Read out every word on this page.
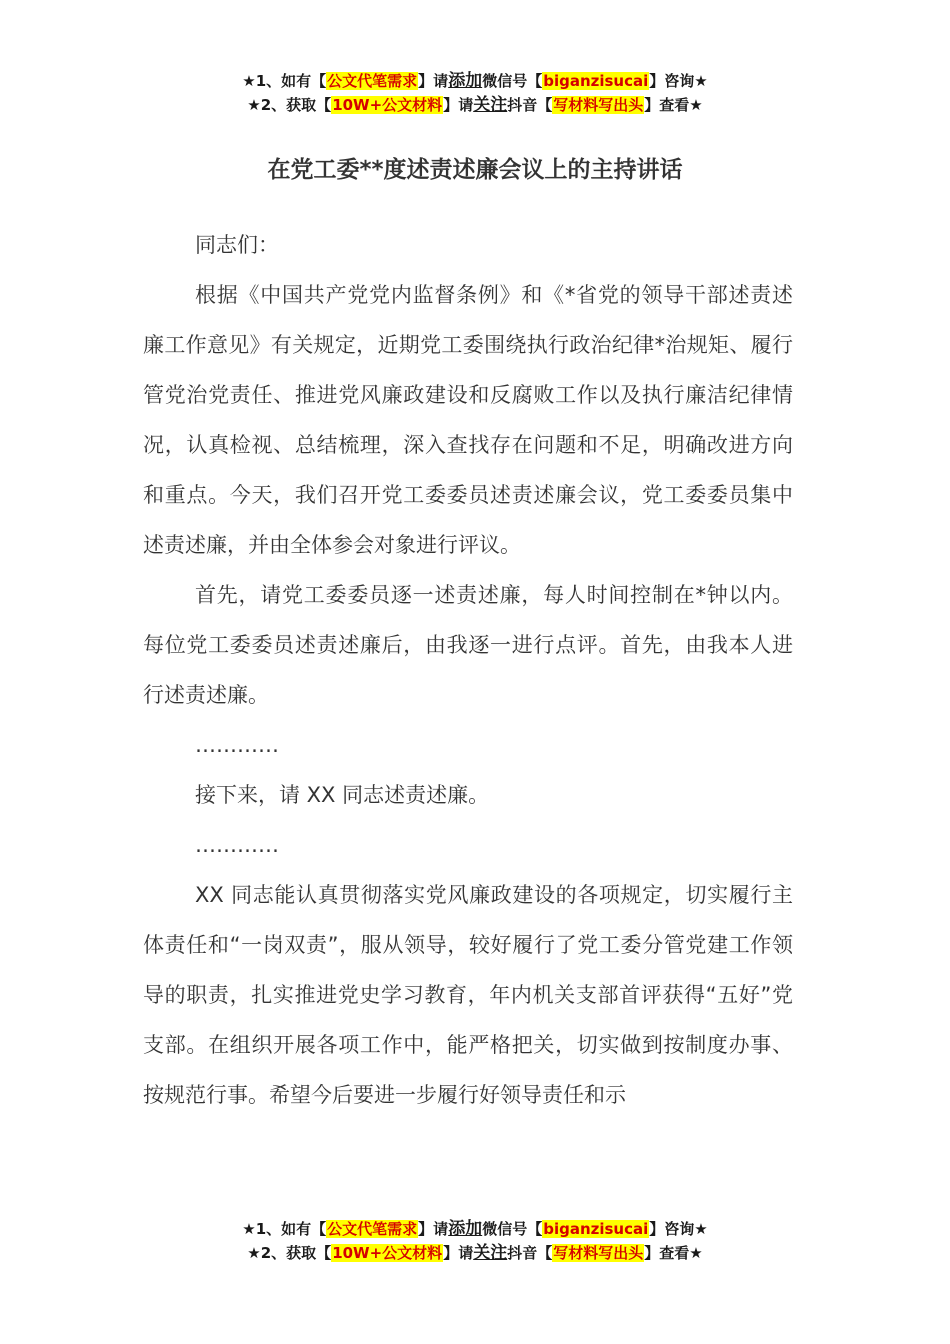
★1、如有【公文代笔需求】请添加微信号【biganzisucai】咨询★
★2、获取【10W+公文材料】请关注抖音【写材料写出头】查看★
在党工委**度述责述廉会议上的主持讲话

同志们：

根据《中国共产党党内监督条例》和《*省党的领导干部述责述廉工作意见》有关规定，近期党工委围绕执行政治纪律*治规矩、履行管党治党责任、推进党风廉政建设和反腐败工作以及执行廉洁纪律情况，认真检视、总结梳理，深入查找存在问题和不足，明确改进方向和重点。今天，我们召开党工委委员述责述廉会议，党工委委员集中述责述廉，并由全体参会对象进行评议。

首先，请党工委委员逐一述责述廉，每人时间控制在*钟以内。每位党工委委员述责述廉后，由我逐一进行点评。首先，由我本人进行述责述廉。

…………

接下来，请 XX 同志述责述廉。

…………

XX 同志能认真贯彻落实党风廉政建设的各项规定，切实履行主体责任和“一岗双责”，服从领导，较好履行了党工委分管党建工作领导的职责，扎实推进党史学习教育，年内机关支部首评获得“五好”党支部。在组织开展各项工作中，能严格把关，切实做到按制度办事、按规范行事。希望今后要进一步履行好领导责任和示

★1、如有【公文代笔需求】请添加微信号【biganzisucai】咨询★
★2、获取【10W+公文材料】请关注抖音【写材料写出头】查看★
